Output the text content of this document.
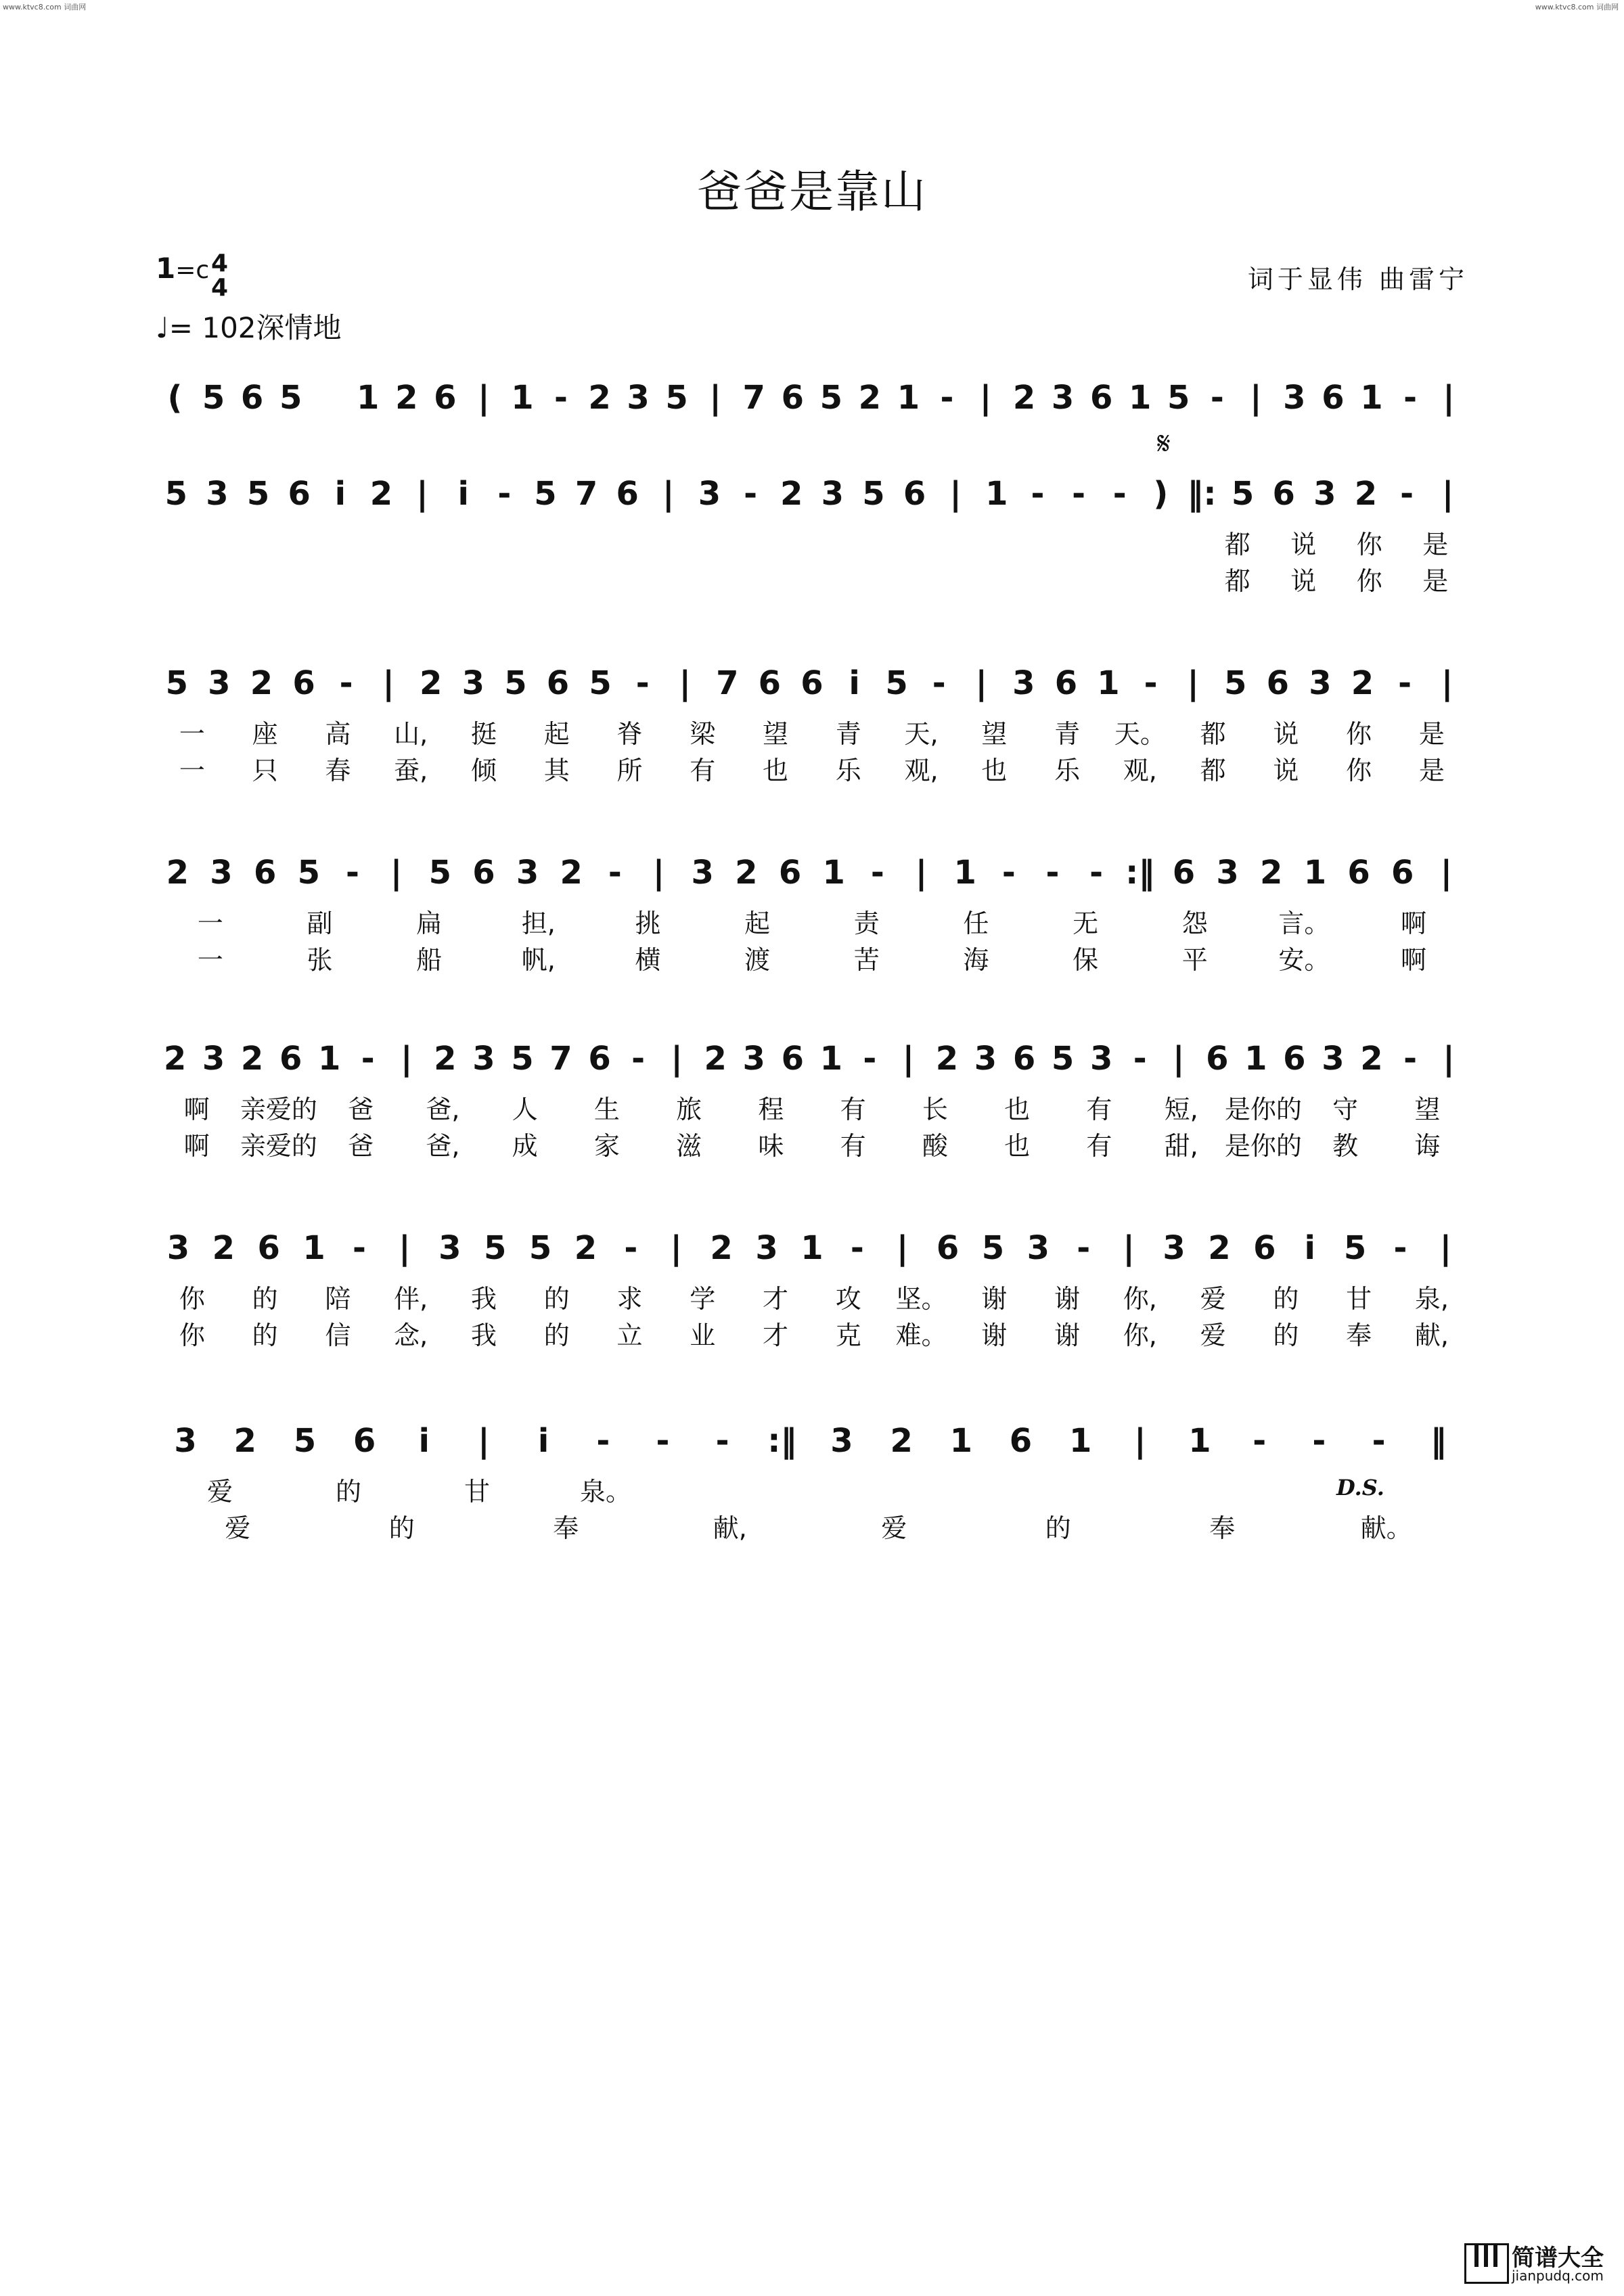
www.ktvc8.com 词曲网	www.ktvc8.com 词曲网
爸爸是靠山
1=c 4
4
♩= 102深情地
词于显伟 曲雷宁
( 5 6 5 1 2 6 | 1 - 2 3 5 | 7 6 5 2 1 - | 2 3 6 1 5 - | 3 6 1 - |
5 3 5 6 i 2 | i - 5 7 6 | 3 - 2 3 5 6 | 1 - - - ) ‖: 5 6 3 2 - |
都	说	你	是
都	说	你	是
𝄋
5 3 2 6 - | 2 3 5 6 5 - | 7 6 6 i 5 - | 3 6 1 - | 5 6 3 2 - |
一	座	高	山,	挺	起	脊	梁	望	青	天,	望	青	天。	都	说	你	是
一	只	春	蚕,	倾	其	所	有	也	乐	观,	也	乐	观,	都	说	你	是
2 3 6 5 - | 5 6 3 2 - | 3 2 6 1 - | 1 - - - :‖ 6 3 2 1 6 6 |
一	副	扁	担,	挑	起	责	任	无	怨	言。	啊
一	张	船	帆,	横	渡	苦	海	保	平	安。	啊
2 3 2 6 1 - | 2 3 5 7 6 - | 2 3 6 1 - | 2 3 6 5 3 - | 6 1 6 3 2 - |
啊	亲爱的	爸	爸,	人	生	旅	程	有	长	也	有	短,	是你的	守	望
啊	亲爱的	爸	爸,	成	家	滋	味	有	酸	也	有	甜,	是你的	教	诲
3 2 6 1 -	| 3 5 5 2 -	| 2 3 1 -	| 6 5 3 -	| 3 2 6 i 5 -	|
你	的	陪	伴,	我	的	求	学	才	攻	坚。	谢	谢	你,	爱	的	甘	泉,
你	的	信	念,	我	的	立	业	才	克	难。	谢	谢	你,	爱	的	奉	献,
3	2	5	6	i	|	i	-	-	-	:‖	3	2	1	6	1	|	1	-	-	-	‖
爱	的	甘	泉。
爱	的	奉	献,	爱	的	奉	献。
D.S.
简谱大全
jianpudq.com
